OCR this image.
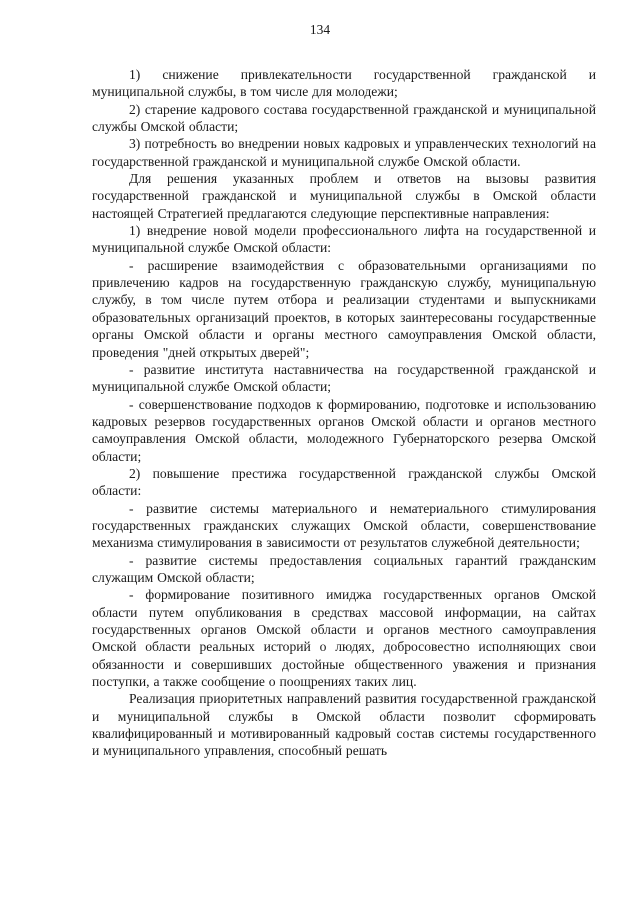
134

1) снижение привлекательности государственной гражданской и муниципальной службы, в том числе для молодежи;

2) старение кадрового состава государственной гражданской и муниципальной службы Омской области;

3) потребность во внедрении новых кадровых и управленческих технологий на государственной гражданской и муниципальной службе Омской области.

Для решения указанных проблем и ответов на вызовы развития государственной гражданской и муниципальной службы в Омской области настоящей Стратегией предлагаются следующие перспективные направления:

1) внедрение новой модели профессионального лифта на государственной и муниципальной службе Омской области:

- расширение взаимодействия с образовательными организациями по привлечению кадров на государственную гражданскую службу, муниципальную службу, в том числе путем отбора и реализации студентами и выпускниками образовательных организаций проектов, в которых заинтересованы государственные органы Омской области и органы местного самоуправления Омской области, проведения "дней открытых дверей";

- развитие института наставничества на государственной гражданской и муниципальной службе Омской области;

- совершенствование подходов к формированию, подготовке и использованию кадровых резервов государственных органов Омской области и органов местного самоуправления Омской области, молодежного Губернаторского резерва Омской области;

2) повышение престижа государственной гражданской службы Омской области:

- развитие системы материального и нематериального стимулирования государственных гражданских служащих Омской области, совершенствование механизма стимулирования в зависимости от результатов служебной деятельности;

- развитие системы предоставления социальных гарантий гражданским служащим Омской области;

- формирование позитивного имиджа государственных органов Омской области путем опубликования в средствах массовой информации, на сайтах государственных органов Омской области и органов местного самоуправления Омской области реальных историй о людях, добросовестно исполняющих свои обязанности и совершивших достойные общественного уважения и признания поступки, а также сообщение о поощрениях таких лиц.

Реализация приоритетных направлений развития государственной гражданской и муниципальной службы в Омской области позволит сформировать квалифицированный и мотивированный кадровый состав системы государственного и муниципального управления, способный решать
